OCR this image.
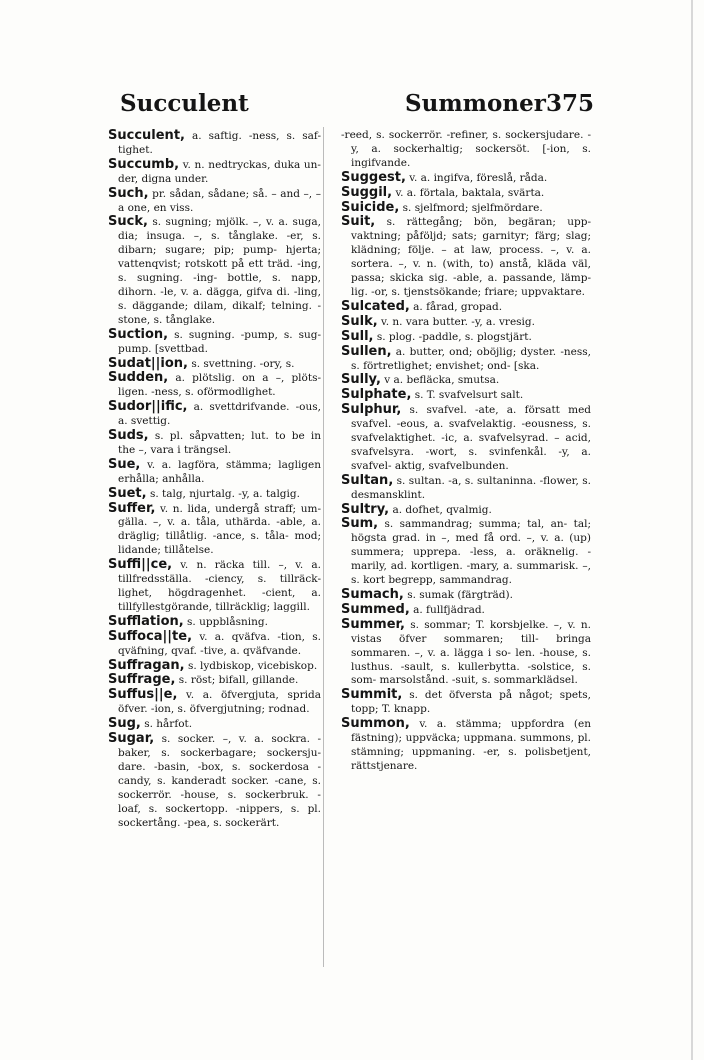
Succulent	Summoner 375

Succulent, a. saftig. -ness, s. saf- tighet.

Succumb, v. n. nedtryckas, duka un- der, digna under.

Such, pr. sådan, sådane; så. – and –, – a one, en viss.

Suck, s. sugning; mjölk. –, v. a. suga, dia; insuga. –, s. tånglake. -er, s. dibarn; sugare; pip; pump- hjerta; vattenqvist; rotskott på ett träd. -ing, s. sugning. -ing- bottle, s. napp, dihorn. -le, v. a. dägga, gifva di. -ling, s. däggande; dilam, dikalf; telning. -stone, s. tånglake.

Suction, s. sugning. -pump, s. sug- pump. [svettbad.

Sudat||ion, s. svettning. -ory, s.

Sudden, a. plötslig. on a –, plöts- ligen. -ness, s. oförmodlighet.

Sudor||ific, a. svettdrifvande. -ous, a. svettig.

Suds, s. pl. såpvatten; lut. to be in the –, vara i trängsel.

Sue, v. a. lagföra, stämma; lagligen erhålla; anhålla.

Suet, s. talg, njurtalg. -y, a. talgig.

Suffer, v. n. lida, undergå straff; um- gälla. –, v. a. tåla, uthärda. -able, a. dräglig; tillåtlig. -ance, s. tåla- mod; lidande; tillåtelse.

Suffi||ce, v. n. räcka till. –, v. a. tillfredsställa. -ciency, s. tillräck- lighet, högdragenhet. -cient, a. tillfyllestgörande, tillräcklig; laggill.

Sufflation, s. uppblåsning.

Suffoca||te, v. a. qväfva. -tion, s. qväfning, qvaf. -tive, a. qväfvande.

Suffragan, s. lydbiskop, vicebiskop.

Suffrage, s. röst; bifall, gillande.

Suffus||e, v. a. öfvergjuta, sprida öfver. -ion, s. öfvergjutning; rodnad.

Sug, s. hårfot.

Sugar, s. socker. –, v. a. sockra. -baker, s. sockerbagare; sockersju- dare. -basin, -box, s. sockerdosa -candy, s. kanderadt socker. -cane, s. sockerrör. -house, s. sockerbruk. -loaf, s. sockertopp. -nippers, s. pl. sockertång. -pea, s. sockerärt.

-reed, s. sockerrör. -refiner, s. sockersjudare. -y, a. sockerhaltig; sockersöt. [-ion, s. ingifvande.

Suggest, v. a. ingifva, föreslå, råda.

Suggil, v. a. förtala, baktala, svärta.

Suicide, s. sjelfmord; sjelfmördare.

Suit, s. rättegång; bön, begäran; upp- vaktning; påföljd; sats; garnityr; färg; slag; klädning; följe. – at law, process. –, v. a. sortera. –, v. n. (with, to) anstå, kläda väl, passa; skicka sig. -able, a. passande, lämp- lig. -or, s. tjenstsökande; friare; uppvaktare.

Sulcated, a. fårad, gropad.

Sulk, v. n. vara butter. -y, a. vresig.

Sull, s. plog. -paddle, s. plogstjärt.

Sullen, a. butter, ond; oböjlig; dyster. -ness, s. förtretlighet; envishet; ond- [ska.

Sully, v a. befläcka, smutsa.

Sulphate, s. T. svafvelsurt salt.

Sulphur, s. svafvel. -ate, a. försatt med svafvel. -eous, a. svafvelaktig. -eousness, s. svafvelaktighet. -ic, a. svafvelsyrad. – acid, svafvelsyra. -wort, s. svinfenkål. -y, a. svafvel- aktig, svafvelbunden.

Sultan, s. sultan. -a, s. sultaninna. -flower, s. desmansklint.

Sultry, a. dofhet, qvalmig.

Sum, s. sammandrag; summa; tal, an- tal; högsta grad. in –, med få ord. –, v. a. (up) summera; upprepa. -less, a. oräknelig. -marily, ad. kortligen. -mary, a. summarisk. –, s. kort begrepp, sammandrag.

Sumach, s. sumak (färgträd).

Summed, a. fullfjädrad.

Summer, s. sommar; T. korsbjelke. –, v. n. vistas öfver sommaren; till- bringa sommaren. –, v. a. lägga i so- len. -house, s. lusthus. -sault, s. kullerbytta. -solstice, s. som- marsolstånd. -suit, s. sommarklädsel.

Summit, s. det öfversta på något; spets, topp; T. knapp.

Summon, v. a. stämma; uppfordra (en fästning); uppväcka; uppmana. summons, pl. stämning; uppmaning. -er, s. polisbetjent, rättstjenare.
